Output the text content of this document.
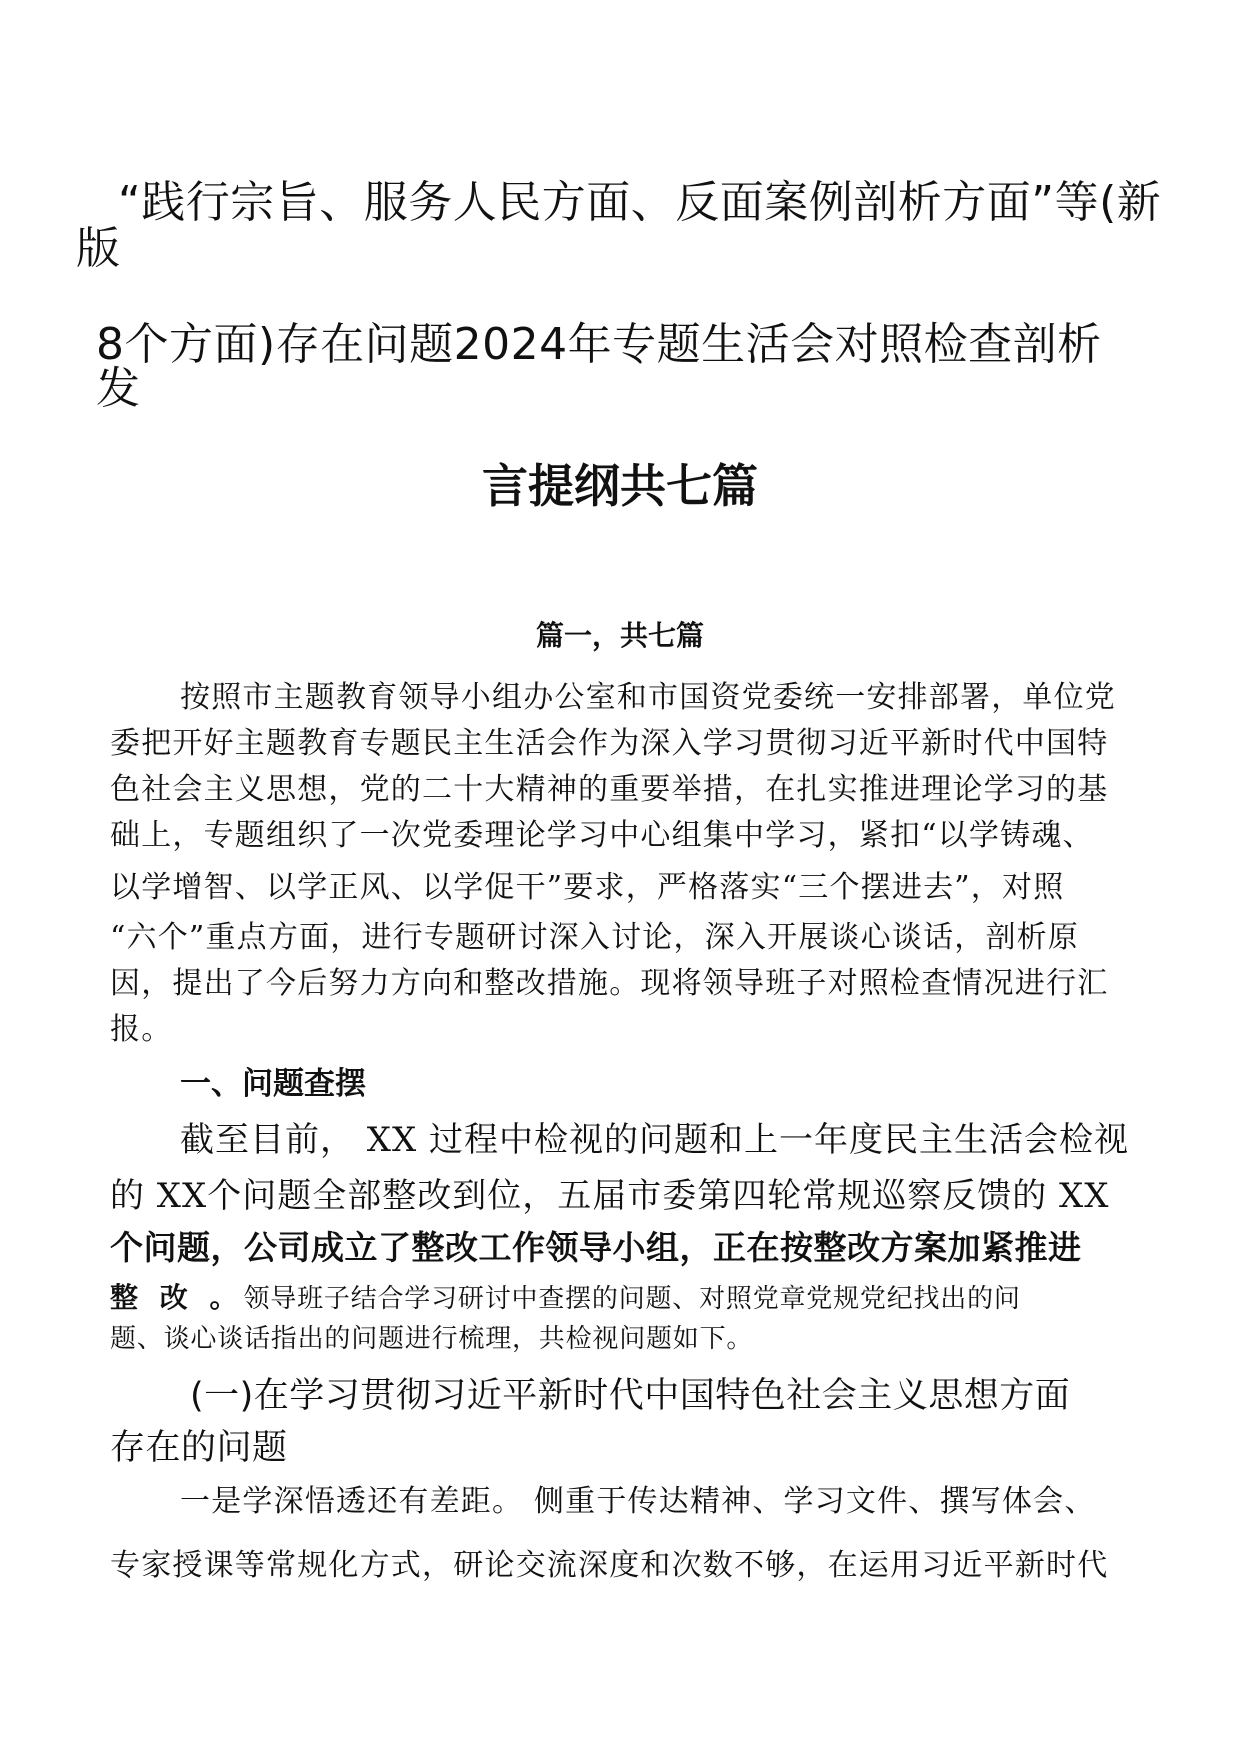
“践行宗旨、服务人民方面、反面案例剖析方面”等(新

版

8个方面)存在问题2024年专题生活会对照检查剖析

发

言提纲共七篇

篇一，共七篇

按照市主题教育领导小组办公室和市国资党委统一安排部署，单位党

委把开好主题教育专题民主生活会作为深入学习贯彻习近平新时代中国特

色社会主义思想，党的二十大精神的重要举措，在扎实推进理论学习的基

础上，专题组织了一次党委理论学习中心组集中学习，紧扣“以学铸魂、

以学增智、以学正风、以学促干”要求，严格落实“三个摆进去”，对照

“六个”重点方面，进行专题研讨深入讨论，深入开展谈心谈话，剖析原

因，提出了今后努力方向和整改措施。现将领导班子对照检查情况进行汇

报。

一、问题查摆

截至目前， XX 过程中检视的问题和上一年度民主生活会检视

的 XX个问题全部整改到位，五届市委第四轮常规巡察反馈的 XX

个问题，公司成立了整改工作领导小组，正在按整改方案加紧推进

整 改 。领导班子结合学习研讨中查摆的问题、对照党章党规党纪找出的问

题、谈心谈话指出的问题进行梳理，共检视问题如下。

(一)在学习贯彻习近平新时代中国特色社会主义思想方面

存在的问题

一是学深悟透还有差距。 侧重于传达精神、学习文件、撰写体会、

专家授课等常规化方式，研论交流深度和次数不够，在运用习近平新时代
